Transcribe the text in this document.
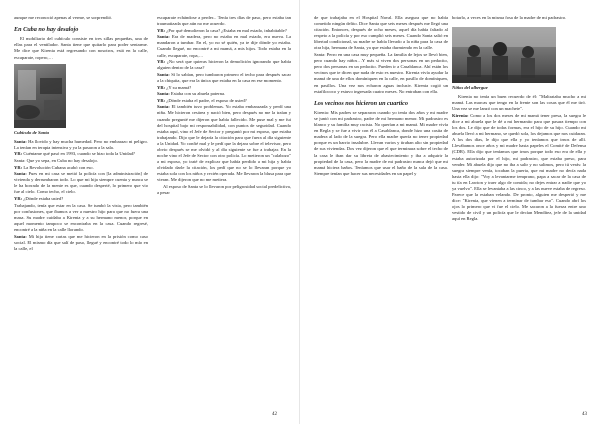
aunque me reconoció apenas al verme, se sorprendió.

En Cuba no hay desalojo

El mobiliario del cubículo consiste en tres sillas pequeñas, una de ellas para el ventilador. Santa tiene que quitarlo para poder sentarme. Me dice que Kirenia está regresando con nosotros, está en la calle, escaparate, ropero,…

Cubículo de Santa

Santa: Ha llovido y hay mucha humedad. Pero no embarazo ni peligro. La tenían en terapia intensiva y ya la pasaron a la sala.

YR: Cuéntame qué pasó en 1993, cuando se hizo toda la Unidad?

Santa: Que yo sepa, en Cuba no hay desalojo.

YR: La Revolución Cubana acabó con eso.

Santa: Pues en mi casa se metió la policía con [la administración] de vivienda y derrumbaron todo. Lo que mi hija siempre cuenta y nunca se le ha borrado de la mente es que, cuando desperté, lo primero que vio fue al cielo. Como techo, el cielo.

YR: ¿Dónde estaba usted?

Trabajando, tenía que estar en la casa. Se tumbó la vista, pero también por confusiones, que íbamos a ver a nuestro hijo para que no fuera una masa. Su madre cuidaba a Kirenia y a su hermano menor, porque en aquel momento tampoco se encontraba en la casa. Cuando regresé, encontré a la niña en la calle llorando.

Santa: Mi hija tiene cartas que me hicieron en la prisión como caso social. El mismo día que salí de paso, llegué y encontré todo lo mío en la calle, el

escaparate echándose a perder... Tenía tres días de paso, pero estaba tan traumatizada que aún no me acuerdo.

YR: ¿Por qué demolieron la casa? ¿Estaba en mal estado, inhabitable?

Santa: Era de madera, pero no estaba en mal estado, era nueva. La mandaron a tumbar. En el, yo no sé quién, ya te dije dónde yo estaba. Cuando llegué, no encontré a mi mamá, a mis hijos. Todo estaba en la calle, escaparate, ropa,…

YR: ¿No será que quieras hicieron la demolición ignorando que había alguien dentro de la casa?

Santa: Sí lo sabían, pero tumbaron primero el techo para después sacar a la chiquita, que era la única que estaba en la casa en ese momento.

YR: ¿Y su mamá?

Santa: Estaba con su abuela paterna.

YR: ¿Dónde estaba el padre, el esposo de usted?

Santa: El también tuvo problemas. Yo estaba embarazada y perdí una niña. Me hicieron cesárea y nació bien, pero después no me la traían y cuando pregunté me dijeron que había fallecido. Me puse mal y me fui del hospital bajo mi responsabilidad, con puntos de seguridad. Cuando estaba aquí, vino el Jefe de Sector y preguntó por mi esposo, que estaba trabajando. Dijo que le dejaría la citación para que fuera al día siguiente a la Unidad. Yo confié mal y le pedí que la dejara sobre el televisor, pero obvio después se me olvidó y al día siguiente se fue a trabajar. En la noche vino el Jefe de Sector con otro policía. Lo metieron un "calabozo" a mi esposo, yo traté de explicar que había perdido a mi hija y había olvidado darle la citación, los pedí que no se lo llevaran porque yo estaba sola con los niños y recién operada. Me llevaron la blusa para que vieran. Me dijeron que no me metiera.

Al esposo de Santa se lo llevaron por peligrosidad social predelictiva, a pesar

42

de que trabajaba en el Hospital Naval. Ella asegura que no había cometido ningún delito. Dice Santa que seis meses después me llegó una citación. Entonces, después de ocho meses, aquel día había faltado al respeto a la policía y por eso cumplió seis meses. Cuando Santa salió en libertad condicional, su madre se había llevado a la niña para la casa de otra hija, hermana de Santa, ya que estaba durmiendo en la calle.

Santa: Perro en una casa muy pequeña. La familia de lejos se llevó bien, pero cuando hay niños…Y más si viven dos personas en un pedacito, pero dos personas en un pedacito. Pueden ir a Casablanca. Ahí están los vecinos que te dicen que nada de esto es nuestro. Kirenia vivía ayudar la mamá de una de ellos domíniquen en la calle, en pasillo de domíniquen, en pasillos. Una vez nos echaron aguas inclusiv. Kirenia cogió un estafilococo y estuvo ingresada cuatro meses. No entraban con ella.

Los vecinos nos hicieron un cuartico

Kirenia: Mis padres se separaron cuando yo tenía dos años y mi madre se juntó con mi padrastro, padre de mi hermano menor. Mi padrastro es blanco y su familia muy racista. No querían a mi mamá. Mi madre vivía en Regla y se fue a vivir con él a Casablanca, donde hizo una casita de madera al lado de la suegra. Pero ella madre quería no tener propiedad porque es un barrio insalubre. Llevan varios y tiraban alto sin propiedad de sus viviendas. Dos vez dijeron que el que terminara sobre el techo de la casa le iban dar su libreta de abastecimiento y iba a adquirir la propiedad de la casa, pero la madre de mi padrastro nunca dejó que mi mamá hiciera baños. Teníamos que usar el baño de la sala de la casa. Siempre tenían que hacer sus necesidades en un papel y

botarlo, a veces en la misma fosa de la madre de mi padrastro.

Niños del albergue

Kirenia no tenía un buen recuerdo de él: "Maltrataba mucho a mi mamá. Las marcas que tengo en la frente son las cosas que él me tiró. Una vez se me lanzó con un machete".

Kirenia: Como a los dos meses de mi mamá tener presa, la suegra le dice a mi abuela que le dé a mi hermanito para que pasara tiempo con los dos. Le dijo que de todas formas, era el hijo de su hijo. Cuando mi abuela llevó a mi hermano, se quedó sola, los dejamos que nos cuidaran. A los dos días, le dijo que ella y yo teníamos que irnos de allí. Llevábamos once años y mi madre hasta papeles el Comité de Defensa (CDR). Ella dijo que teníamos que irnos porque todo eso era de ella y estaba autorizada por el hijo, mi padrastro, que estaba preso, para vender. Mi abuela dijo que no iba a salir y no salimos, pero tú verás: la suegra siempre venía, tocaban la puerta, que mi madre no decía nada hasta ella dijo: "Voy a levantarme temprano, papa a sacar de la casa de tu tía en Lawton y traer algo de comida; no dejes entrar a nadie que yo ya vuelvo". Ella se levantaba a las cinco, y a las nueve estaba de regreso. Parece que la estaban velando. De pronto, alguien me despertó y me dice: "Kirenia, que vienen a terminar de tumbar eso". Cuando abrí los ojos lo primero que vi fue el cielo. Me sacaron a la fuerza entre uno vestido de civil y un policía que le decían Mendítez, jefe de la unidad aquí en Regla.

43
